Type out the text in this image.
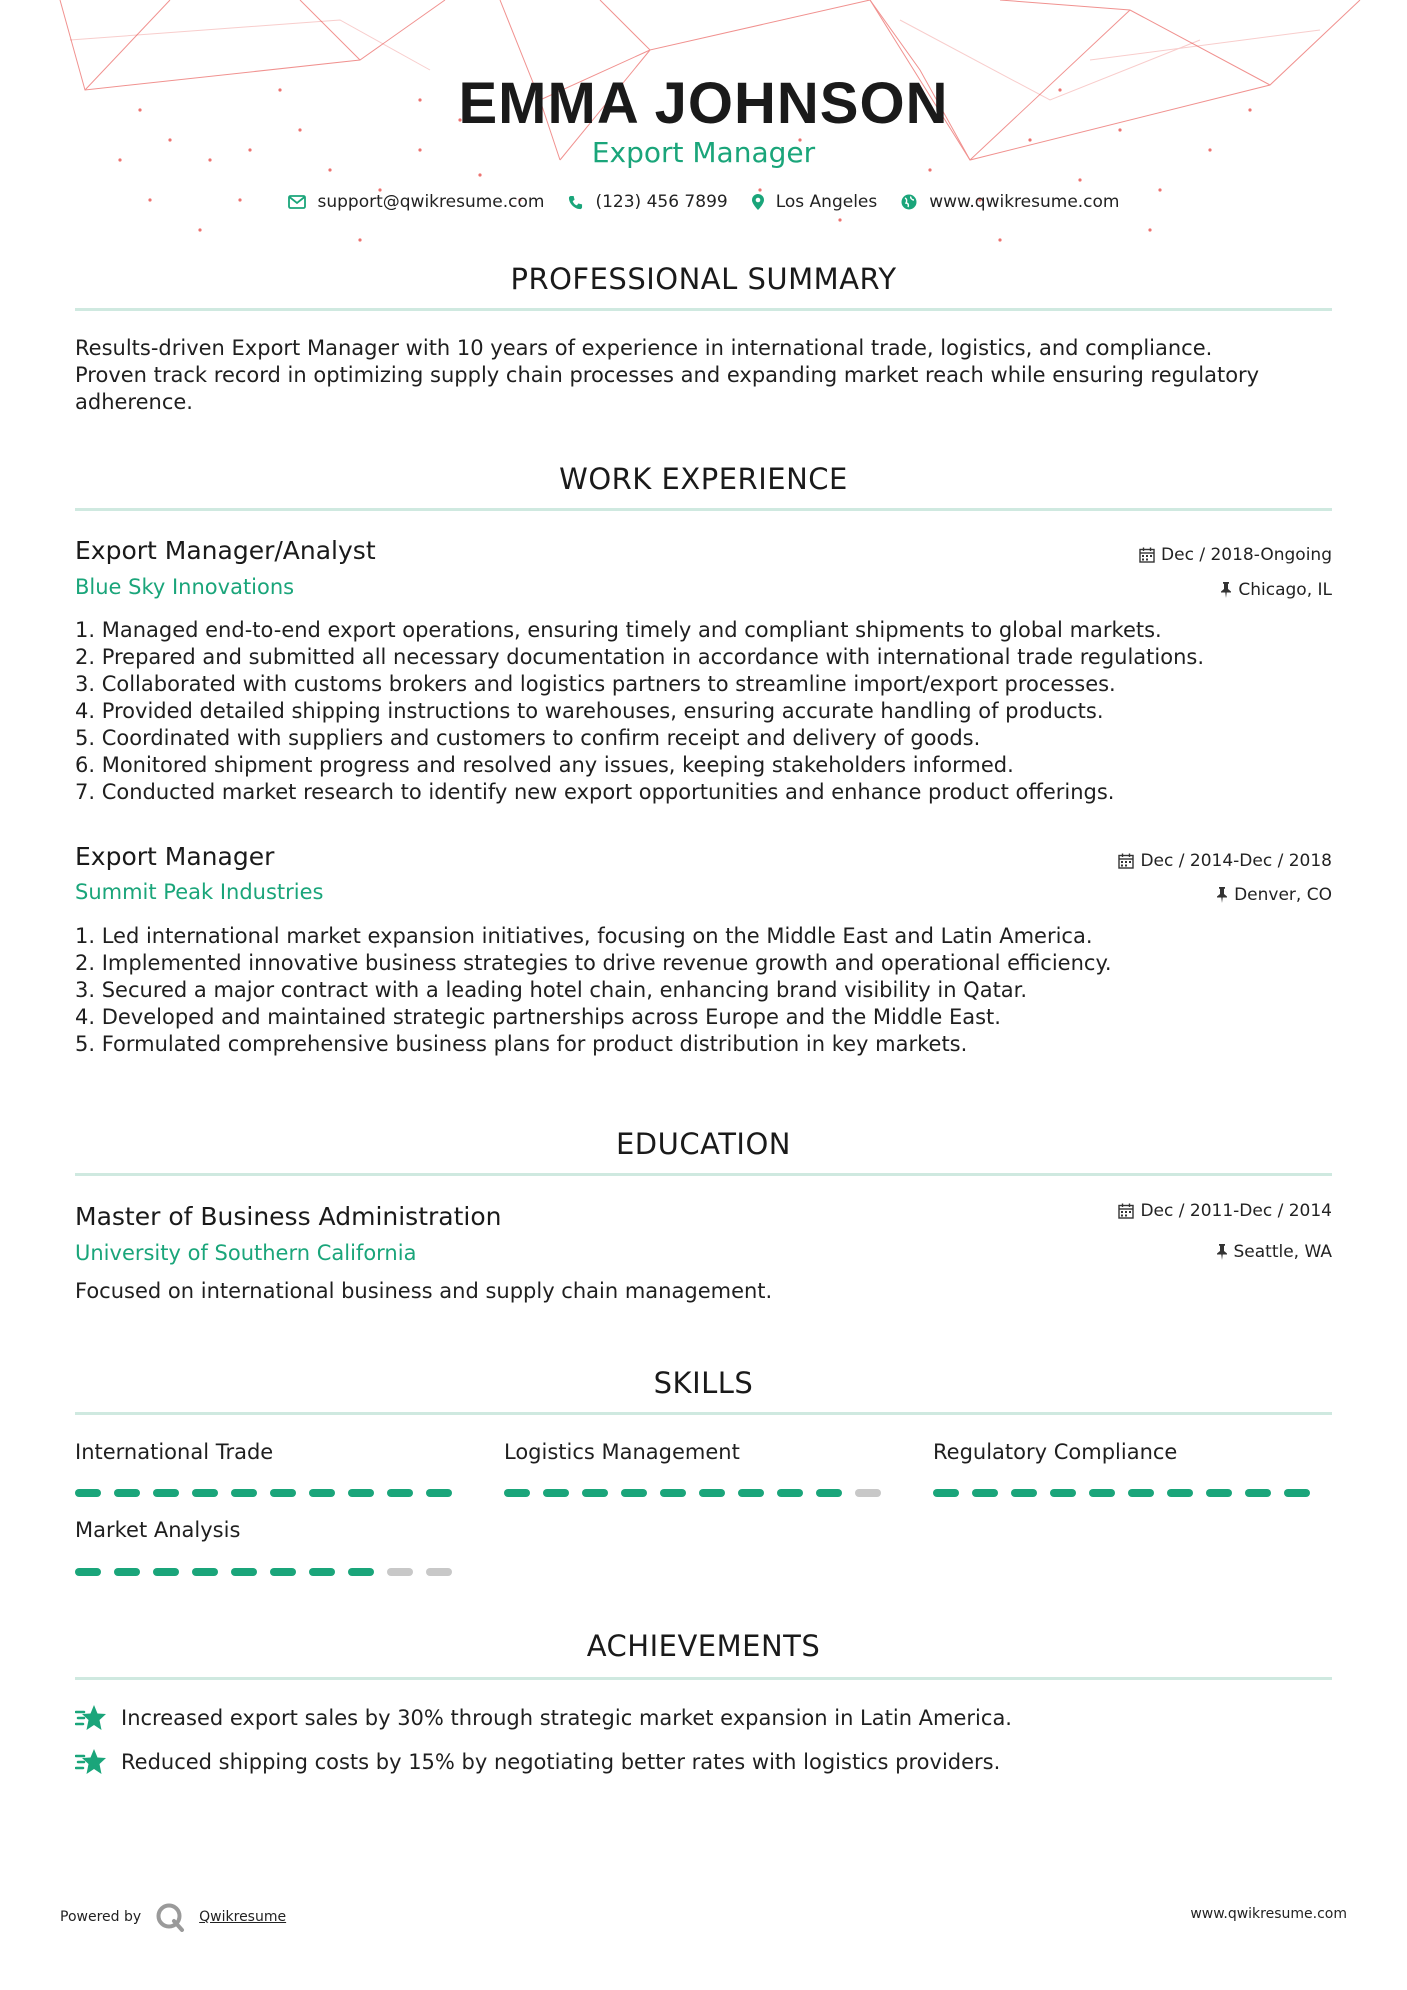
EMMA JOHNSON
Export Manager
support@qwikresume.com	(123) 456 7899	Los Angeles	www.qwikresume.com
PROFESSIONAL SUMMARY
Results-driven Export Manager with 10 years of experience in international trade, logistics, and compliance.
Proven track record in optimizing supply chain processes and expanding market reach while ensuring regulatory
adherence.
WORK EXPERIENCE
Export Manager/Analyst	Dec / 2018-Ongoing
Blue Sky Innovations	Chicago, IL
1. Managed end-to-end export operations, ensuring timely and compliant shipments to global markets.
2. Prepared and submitted all necessary documentation in accordance with international trade regulations.
3. Collaborated with customs brokers and logistics partners to streamline import/export processes.
4. Provided detailed shipping instructions to warehouses, ensuring accurate handling of products.
5. Coordinated with suppliers and customers to confirm receipt and delivery of goods.
6. Monitored shipment progress and resolved any issues, keeping stakeholders informed.
7. Conducted market research to identify new export opportunities and enhance product offerings.
Export Manager	Dec / 2014-Dec / 2018
Summit Peak Industries	Denver, CO
1. Led international market expansion initiatives, focusing on the Middle East and Latin America.
2. Implemented innovative business strategies to drive revenue growth and operational efficiency.
3. Secured a major contract with a leading hotel chain, enhancing brand visibility in Qatar.
4. Developed and maintained strategic partnerships across Europe and the Middle East.
5. Formulated comprehensive business plans for product distribution in key markets.
EDUCATION
Master of Business Administration	Dec / 2011-Dec / 2014
University of Southern California	Seattle, WA
Focused on international business and supply chain management.
SKILLS
International Trade	Logistics Management	Regulatory Compliance
Market Analysis
ACHIEVEMENTS
Increased export sales by 30% through strategic market expansion in Latin America.
Reduced shipping costs by 15% by negotiating better rates with logistics providers.
Powered by	Qwikresume	www.qwikresume.com
